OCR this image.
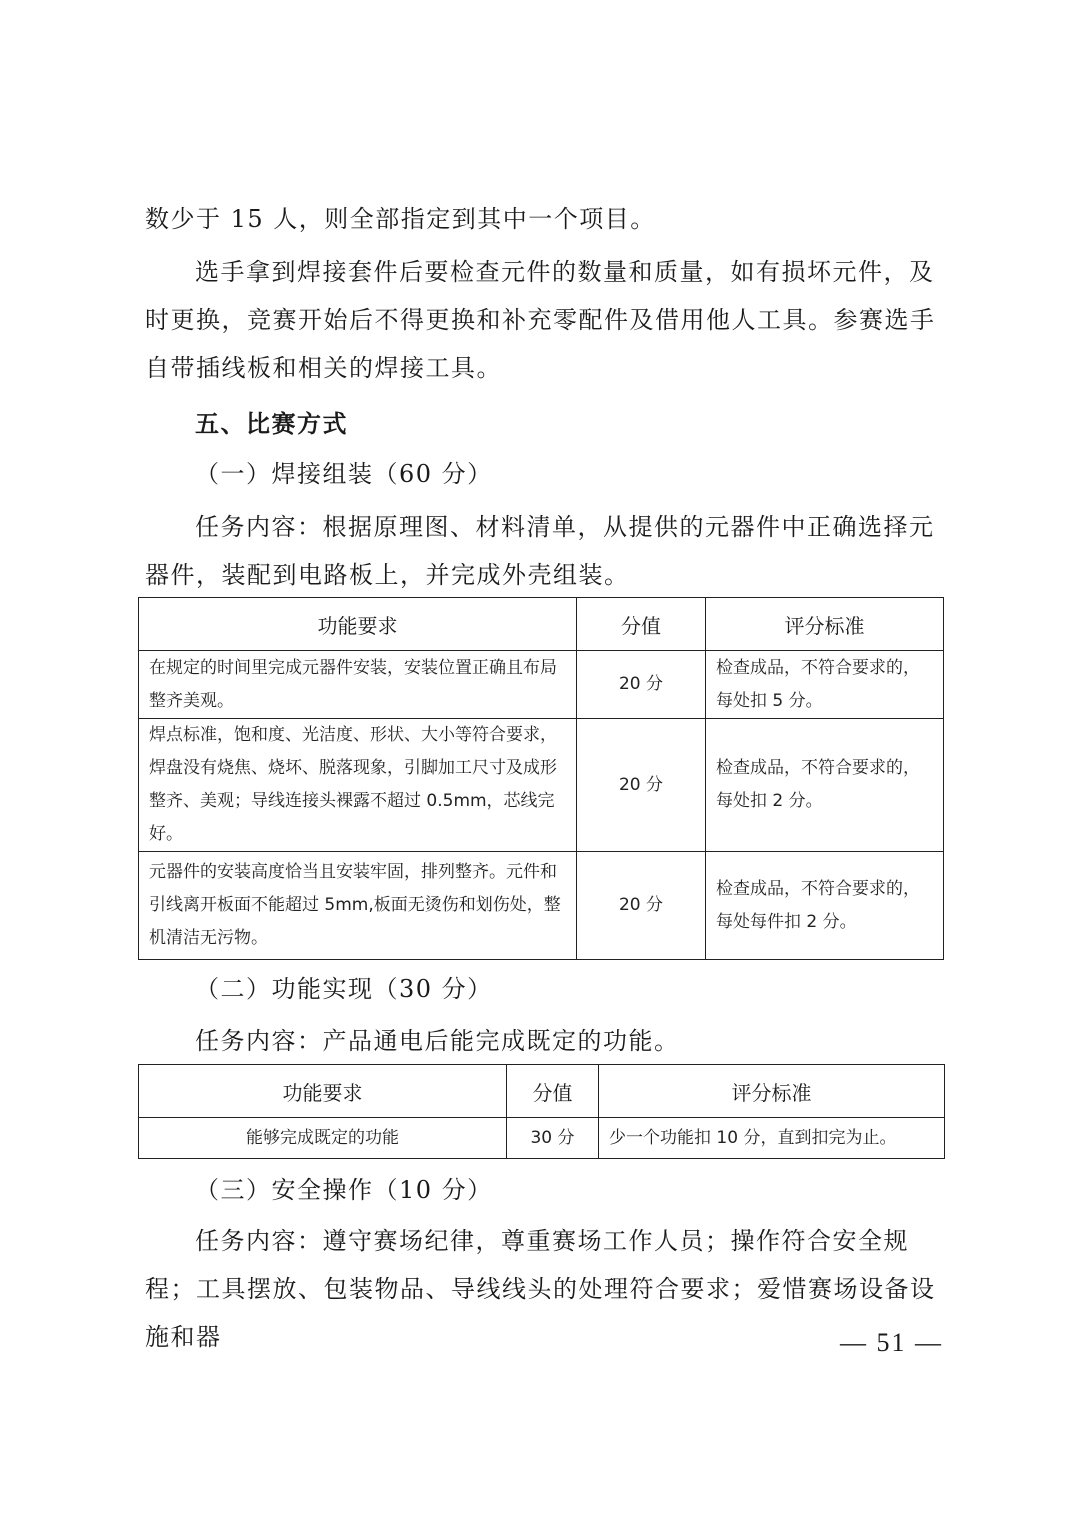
数少于 15 人，则全部指定到其中一个项目。

选手拿到焊接套件后要检查元件的数量和质量，如有损坏元件，及时更换，竞赛开始后不得更换和补充零配件及借用他人工具。参赛选手自带插线板和相关的焊接工具。

五、比赛方式

（一）焊接组装（60 分）

任务内容：根据原理图、材料清单，从提供的元器件中正确选择元器件，装配到电路板上，并完成外壳组装。

功能要求	分值	评分标准
在规定的时间里完成元器件安装，安装位置正确且布局整齐美观。	20 分	检查成品，不符合要求的，每处扣 5 分。
焊点标准，饱和度、光洁度、形状、大小等符合要求，焊盘没有烧焦、烧坏、脱落现象，引脚加工尺寸及成形整齐、美观；导线连接头裸露不超过 0.5mm，芯线完好。	20 分	检查成品，不符合要求的，每处扣 2 分。
元器件的安装高度恰当且安装牢固，排列整齐。元件和引线离开板面不能超过 5mm,板面无烫伤和划伤处，整机清洁无污物。	20 分	检查成品，不符合要求的，每处每件扣 2 分。

（二）功能实现（30 分）

任务内容：产品通电后能完成既定的功能。

功能要求	分值	评分标准
能够完成既定的功能	30 分	少一个功能扣 10 分，直到扣完为止。

（三）安全操作（10 分）

任务内容：遵守赛场纪律，尊重赛场工作人员；操作符合安全规程；工具摆放、包装物品、导线线头的处理符合要求；爱惜赛场设备设施和器	— 51 —
